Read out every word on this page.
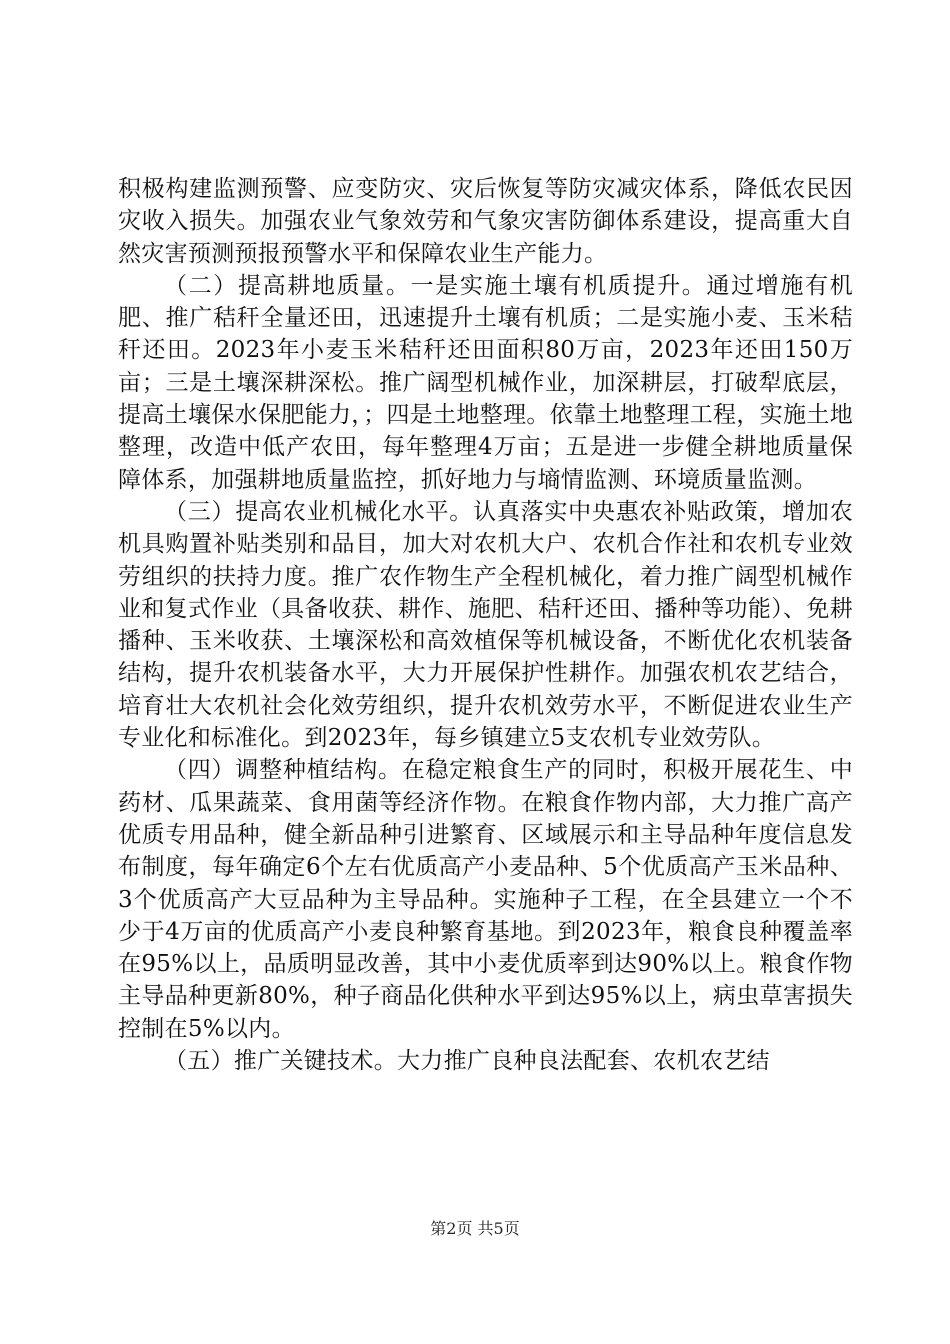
积极构建监测预警、应变防灾、灾后恢复等防灾减灾体系，降低农民因灾收入损失。加强农业气象效劳和气象灾害防御体系建设，提高重大自然灾害预测预报预警水平和保障农业生产能力。

（二）提高耕地质量。一是实施土壤有机质提升。通过增施有机肥、推广秸秆全量还田，迅速提升土壤有机质；二是实施小麦、玉米秸秆还田。2023年小麦玉米秸秆还田面积80万亩，2023年还田150万亩；三是土壤深耕深松。推广阔型机械作业，加深耕层，打破犁底层，提高土壤保水保肥能力，；四是土地整理。依靠土地整理工程，实施土地整理，改造中低产农田，每年整理4万亩；五是进一步健全耕地质量保障体系，加强耕地质量监控，抓好地力与墒情监测、环境质量监测。

（三）提高农业机械化水平。认真落实中央惠农补贴政策，增加农机具购置补贴类别和品目，加大对农机大户、农机合作社和农机专业效劳组织的扶持力度。推广农作物生产全程机械化，着力推广阔型机械作业和复式作业（具备收获、耕作、施肥、秸秆还田、播种等功能）、免耕播种、玉米收获、土壤深松和高效植保等机械设备，不断优化农机装备结构，提升农机装备水平，大力开展保护性耕作。加强农机农艺结合，培育壮大农机社会化效劳组织，提升农机效劳水平，不断促进农业生产专业化和标准化。到2023年，每乡镇建立5支农机专业效劳队。

（四）调整种植结构。在稳定粮食生产的同时，积极开展花生、中药材、瓜果蔬菜、食用菌等经济作物。在粮食作物内部，大力推广高产优质专用品种，健全新品种引进繁育、区域展示和主导品种年度信息发布制度，每年确定6个左右优质高产小麦品种、5个优质高产玉米品种、3个优质高产大豆品种为主导品种。实施种子工程，在全县建立一个不少于4万亩的优质高产小麦良种繁育基地。到2023年，粮食良种覆盖率在95%以上，品质明显改善，其中小麦优质率到达90%以上。粮食作物主导品种更新80%，种子商品化供种水平到达95%以上，病虫草害损失控制在5%以内。

（五）推广关键技术。大力推广良种良法配套、农机农艺结

第2页 共5页
